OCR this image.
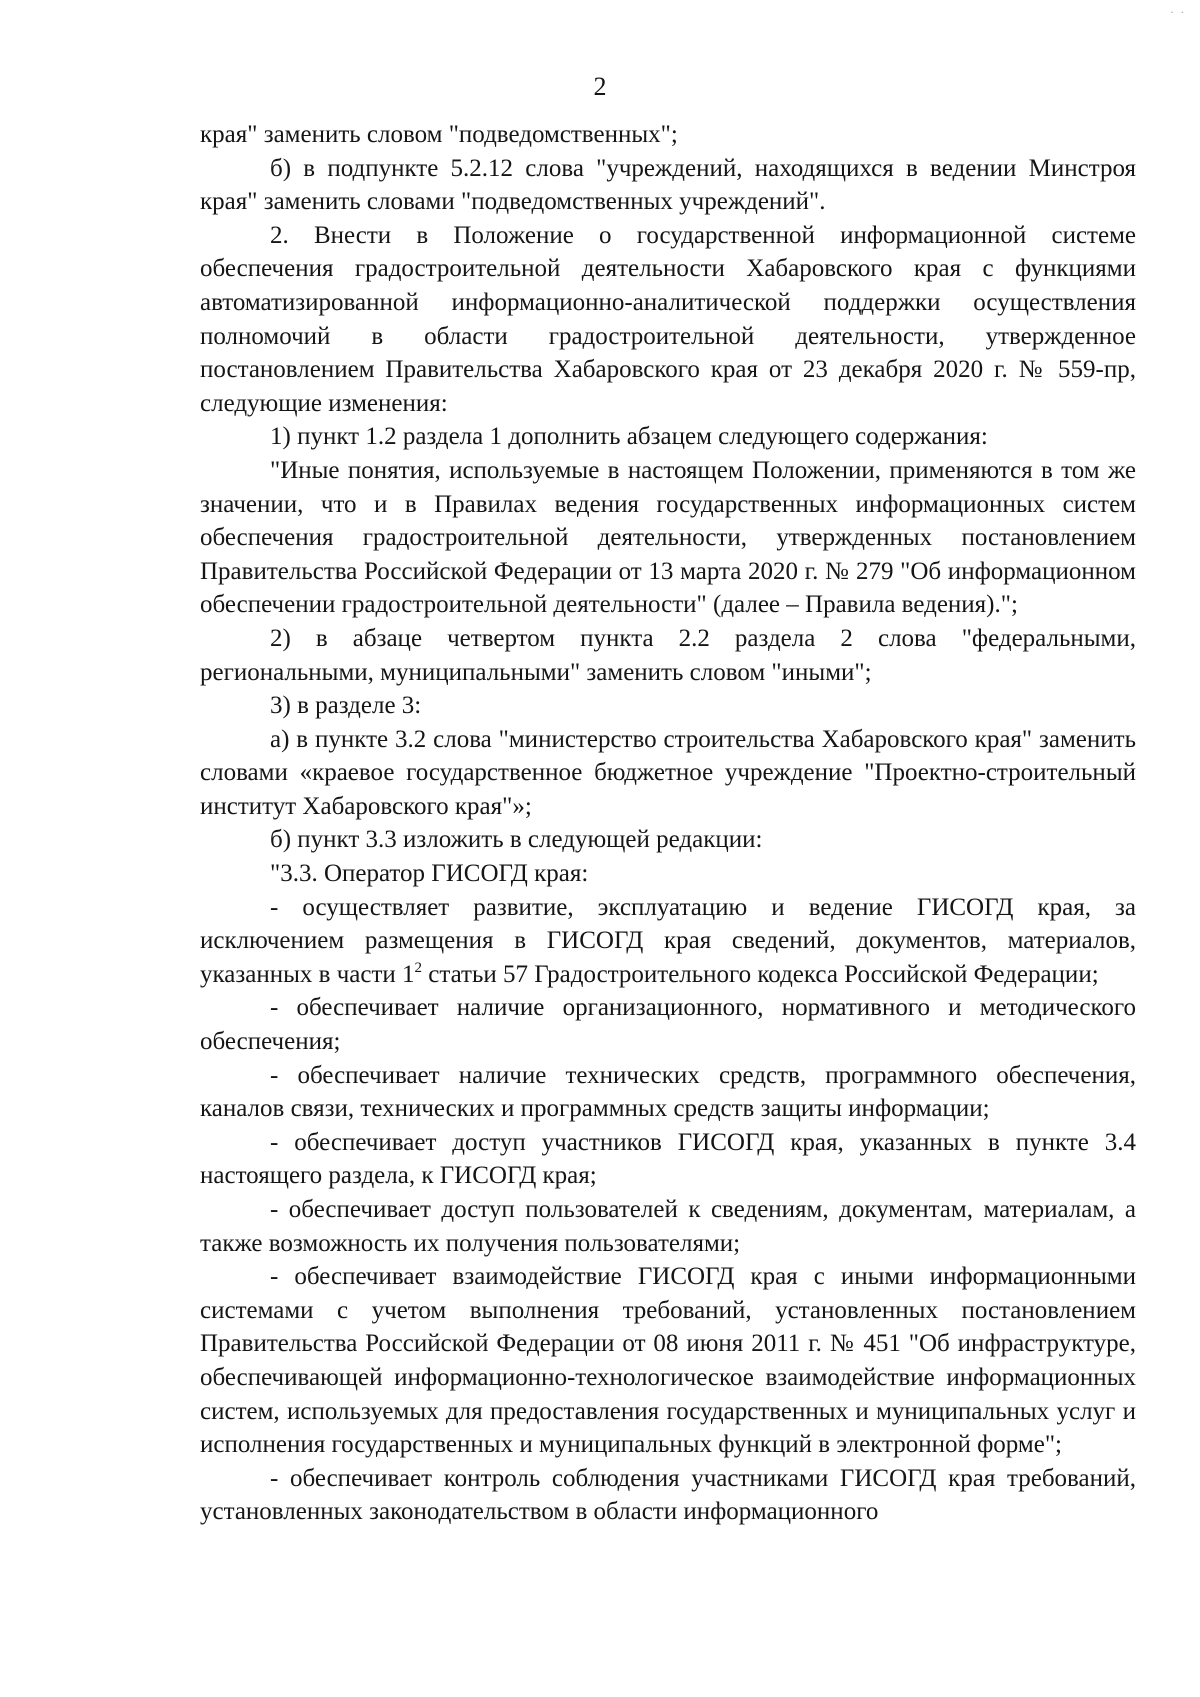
· ·
2

края" заменить словом "подведомственных";

б) в подпункте 5.2.12 слова "учреждений, находящихся в ведении Минстроя края" заменить словами "подведомственных учреждений".

2. Внести в Положение о государственной информационной системе обеспечения градостроительной деятельности Хабаровского края с функциями автоматизированной информационно-аналитической поддержки осуществления полномочий в области градостроительной деятельности, утвержденное постановлением Правительства Хабаровского края от 23 декабря 2020 г. № 559-пр, следующие изменения:

1) пункт 1.2 раздела 1 дополнить абзацем следующего содержания:

"Иные понятия, используемые в настоящем Положении, применяются в том же значении, что и в Правилах ведения государственных информационных систем обеспечения градостроительной деятельности, утвержденных постановлением Правительства Российской Федерации от 13 марта 2020 г. № 279 "Об информационном обеспечении градостроительной деятельности" (далее – Правила ведения).";

2) в абзаце четвертом пункта 2.2 раздела 2 слова "федеральными, региональными, муниципальными" заменить словом "иными";

3) в разделе 3:

а) в пункте 3.2 слова "министерство строительства Хабаровского края" заменить словами «краевое государственное бюджетное учреждение "Проектно-строительный институт Хабаровского края"»;

б) пункт 3.3 изложить в следующей редакции:

"3.3. Оператор ГИСОГД края:

- осуществляет развитие, эксплуатацию и ведение ГИСОГД края, за исключением размещения в ГИСОГД края сведений, документов, материалов, указанных в части $1^2$ статьи 57 Градостроительного кодекса Российской Федерации;

- обеспечивает наличие организационного, нормативного и методического обеспечения;

- обеспечивает наличие технических средств, программного обеспечения, каналов связи, технических и программных средств защиты информации;

- обеспечивает доступ участников ГИСОГД края, указанных в пункте 3.4 настоящего раздела, к ГИСОГД края;

- обеспечивает доступ пользователей к сведениям, документам, материалам, а также возможность их получения пользователями;

- обеспечивает взаимодействие ГИСОГД края с иными информационными системами с учетом выполнения требований, установленных постановлением Правительства Российской Федерации от 08 июня 2011 г. № 451 "Об инфраструктуре, обеспечивающей информационно-технологическое взаимодействие информационных систем, используемых для предоставления государственных и муниципальных услуг и исполнения государственных и муниципальных функций в электронной форме";

- обеспечивает контроль соблюдения участниками ГИСОГД края требований, установленных законодательством в области информационного
